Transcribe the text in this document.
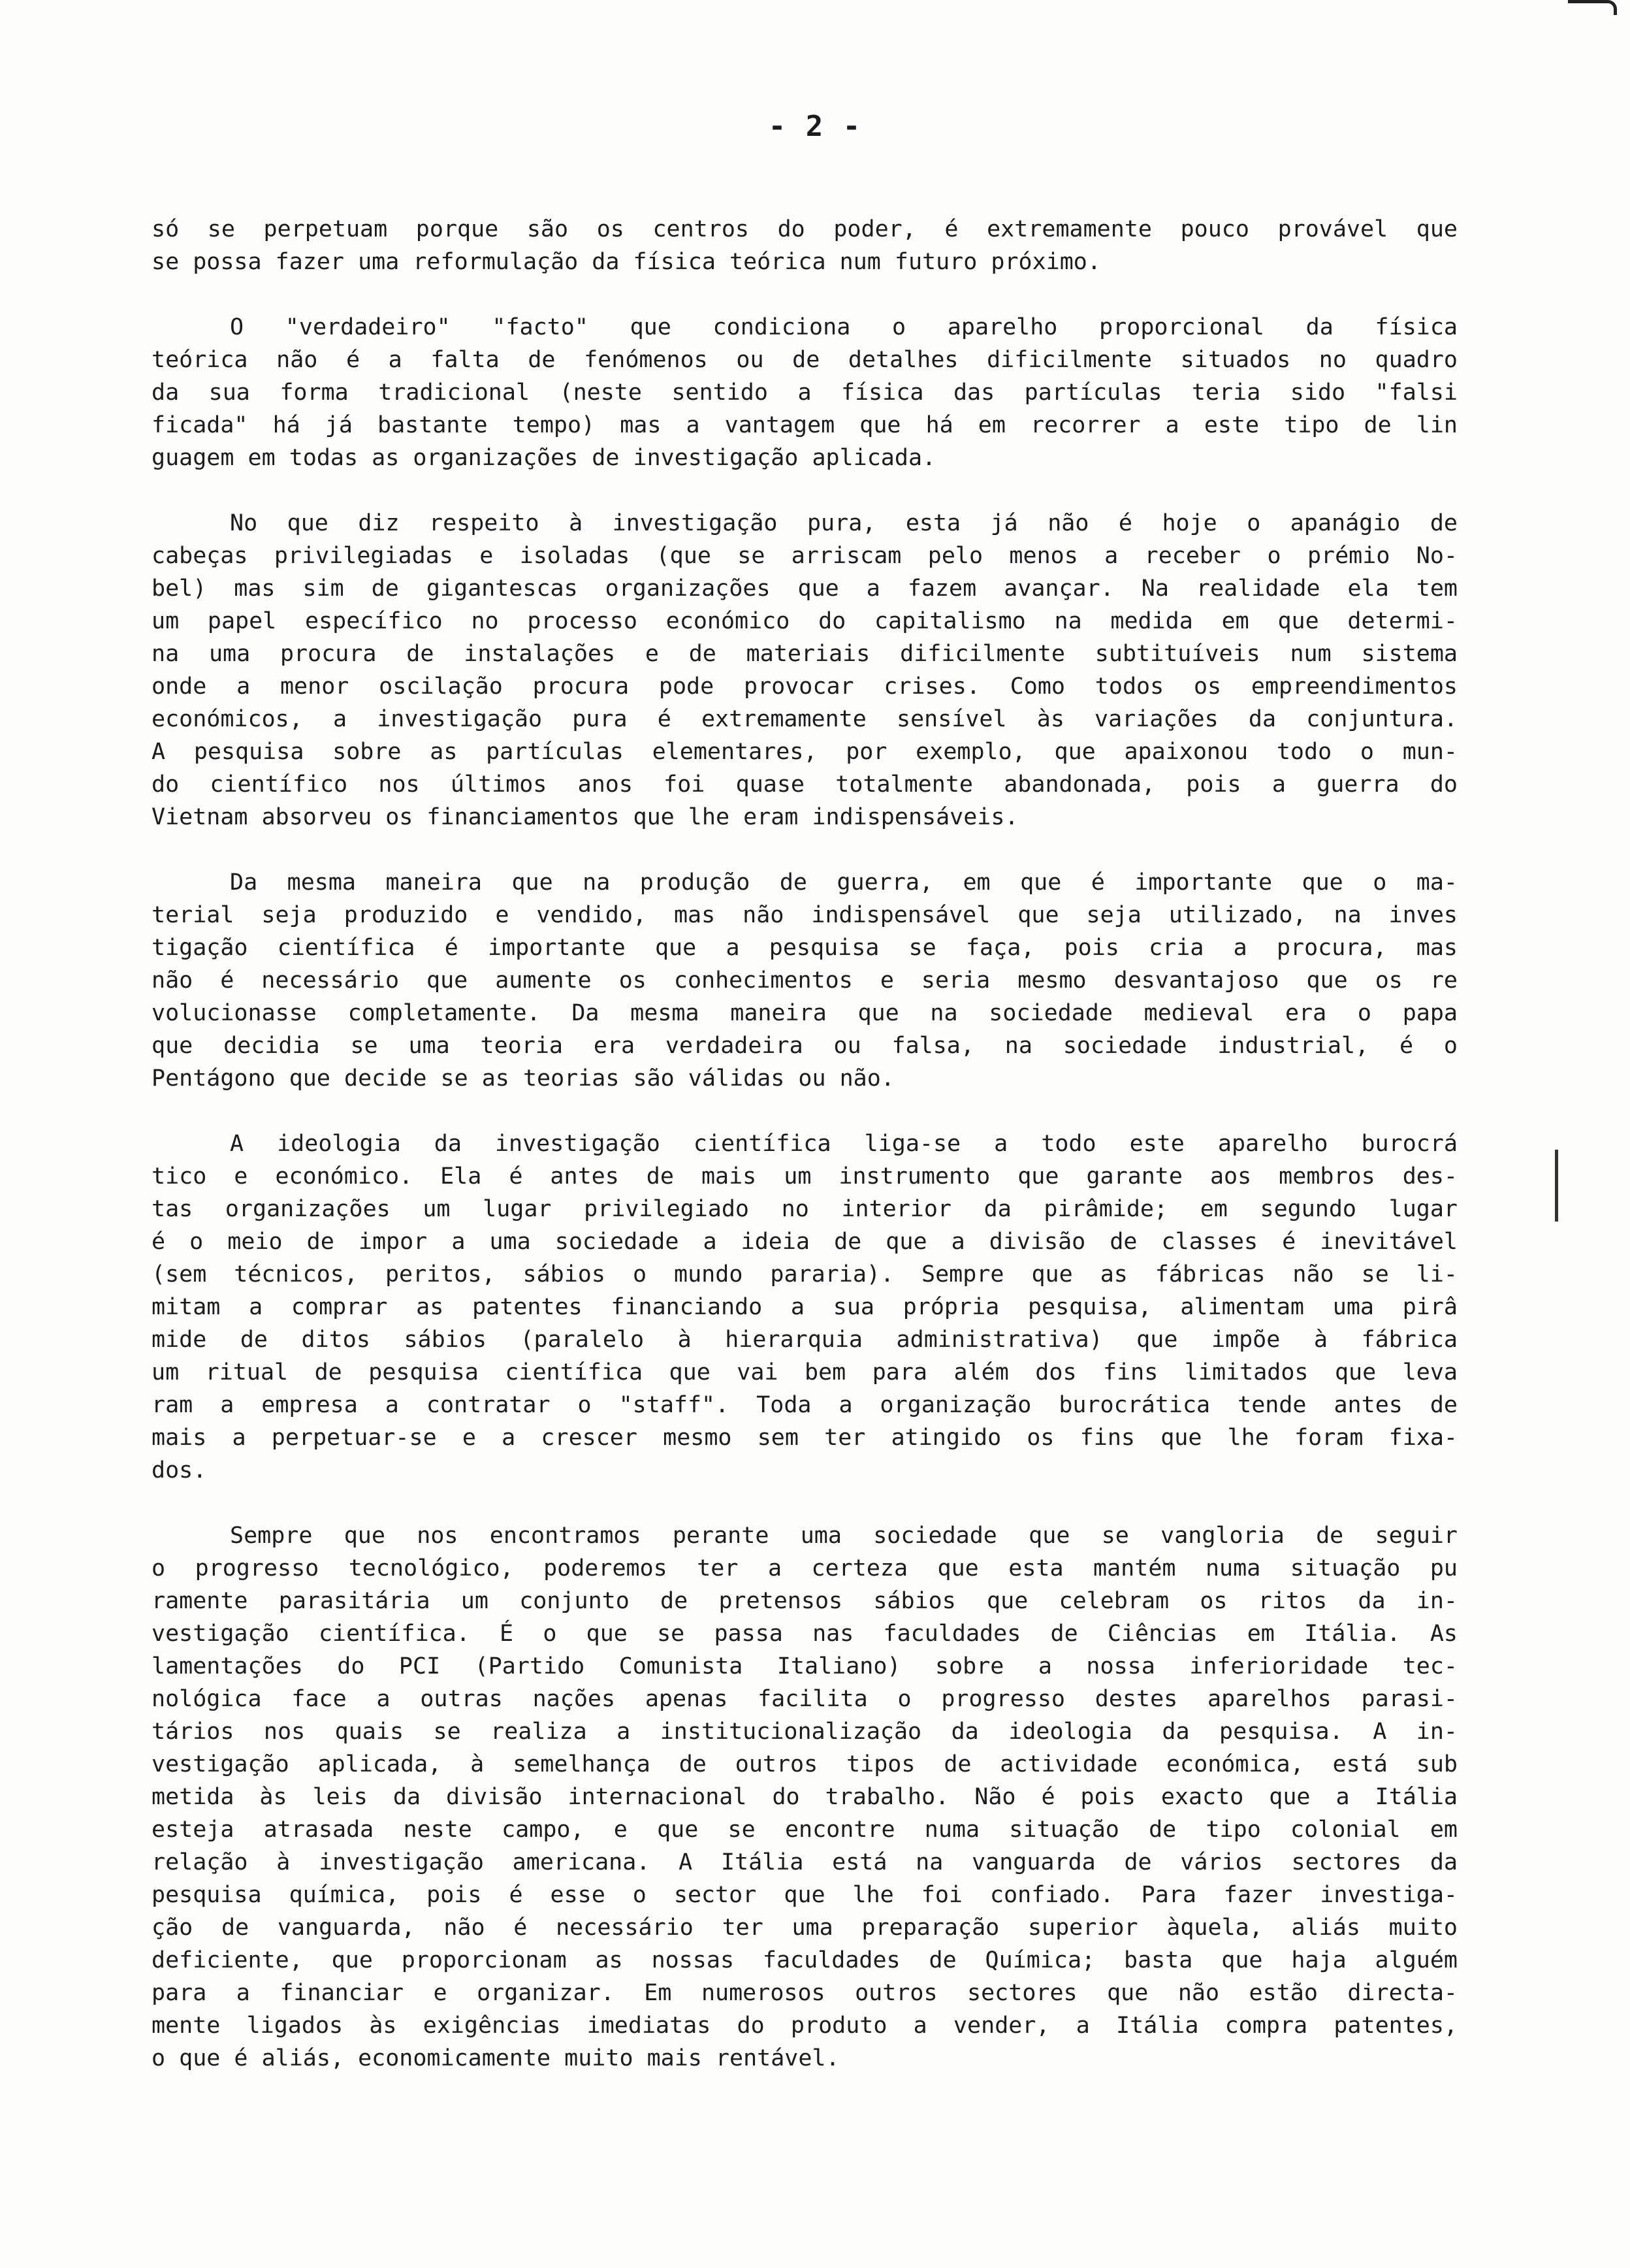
- 2 -
só se perpetuam porque são os centros do poder, é extremamente pouco provável que
se possa fazer uma reformulação da física teórica num futuro próximo.
O "verdadeiro" "facto" que condiciona o aparelho proporcional da física
teórica não é a falta de fenómenos ou de detalhes dificilmente situados no quadro
da sua forma tradicional (neste sentido a física das partículas teria sido "falsi
ficada" há já bastante tempo) mas a vantagem que há em recorrer a este tipo de lin
guagem em todas as organizações de investigação aplicada.
No que diz respeito à investigação pura, esta já não é hoje o apanágio de
cabeças privilegiadas e isoladas (que se arriscam pelo menos a receber o prémio No-
bel) mas sim de gigantescas organizações que a fazem avançar. Na realidade ela tem
um papel específico no processo económico do capitalismo na medida em que determi-
na uma procura de instalações e de materiais dificilmente subtituíveis num sistema
onde a menor oscilação procura pode provocar crises. Como todos os empreendimentos
económicos, a investigação pura é extremamente sensível às variações da conjuntura.
A pesquisa sobre as partículas elementares, por exemplo, que apaixonou todo o mun-
do científico nos últimos anos foi quase totalmente abandonada, pois a guerra do
Vietnam absorveu os financiamentos que lhe eram indispensáveis.
Da mesma maneira que na produção de guerra, em que é importante que o ma-
terial seja produzido e vendido, mas não indispensável que seja utilizado, na inves
tigação científica é importante que a pesquisa se faça, pois cria a procura, mas
não é necessário que aumente os conhecimentos e seria mesmo desvantajoso que os re
volucionasse completamente. Da mesma maneira que na sociedade medieval era o papa
que decidia se uma teoria era verdadeira ou falsa, na sociedade industrial, é o
Pentágono que decide se as teorias são válidas ou não.
A ideologia da investigação científica liga-se a todo este aparelho burocrá
tico e económico. Ela é antes de mais um instrumento que garante aos membros des-
tas organizações um lugar privilegiado no interior da pirâmide; em segundo lugar
é o meio de impor a uma sociedade a ideia de que a divisão de classes é inevitável
(sem técnicos, peritos, sábios o mundo pararia). Sempre que as fábricas não se li-
mitam a comprar as patentes financiando a sua própria pesquisa, alimentam uma pirâ
mide de ditos sábios (paralelo à hierarquia administrativa) que impõe à fábrica
um ritual de pesquisa científica que vai bem para além dos fins limitados que leva
ram a empresa a contratar o "staff". Toda a organização burocrática tende antes de
mais a perpetuar-se e a crescer mesmo sem ter atingido os fins que lhe foram fixa-
dos.
Sempre que nos encontramos perante uma sociedade que se vangloria de seguir
o progresso tecnológico, poderemos ter a certeza que esta mantém numa situação pu
ramente parasitária um conjunto de pretensos sábios que celebram os ritos da in-
vestigação científica. É o que se passa nas faculdades de Ciências em Itália. As
lamentações do PCI (Partido Comunista Italiano) sobre a nossa inferioridade tec-
nológica face a outras nações apenas facilita o progresso destes aparelhos parasi-
tários nos quais se realiza a institucionalização da ideologia da pesquisa. A in-
vestigação aplicada, à semelhança de outros tipos de actividade económica, está sub
metida às leis da divisão internacional do trabalho. Não é pois exacto que a Itália
esteja atrasada neste campo, e que se encontre numa situação de tipo colonial em
relação à investigação americana. A Itália está na vanguarda de vários sectores da
pesquisa química, pois é esse o sector que lhe foi confiado. Para fazer investiga-
ção de vanguarda, não é necessário ter uma preparação superior àquela, aliás muito
deficiente, que proporcionam as nossas faculdades de Química; basta que haja alguém
para a financiar e organizar. Em numerosos outros sectores que não estão directa-
mente ligados às exigências imediatas do produto a vender, a Itália compra patentes,
o que é aliás, economicamente muito mais rentável.
